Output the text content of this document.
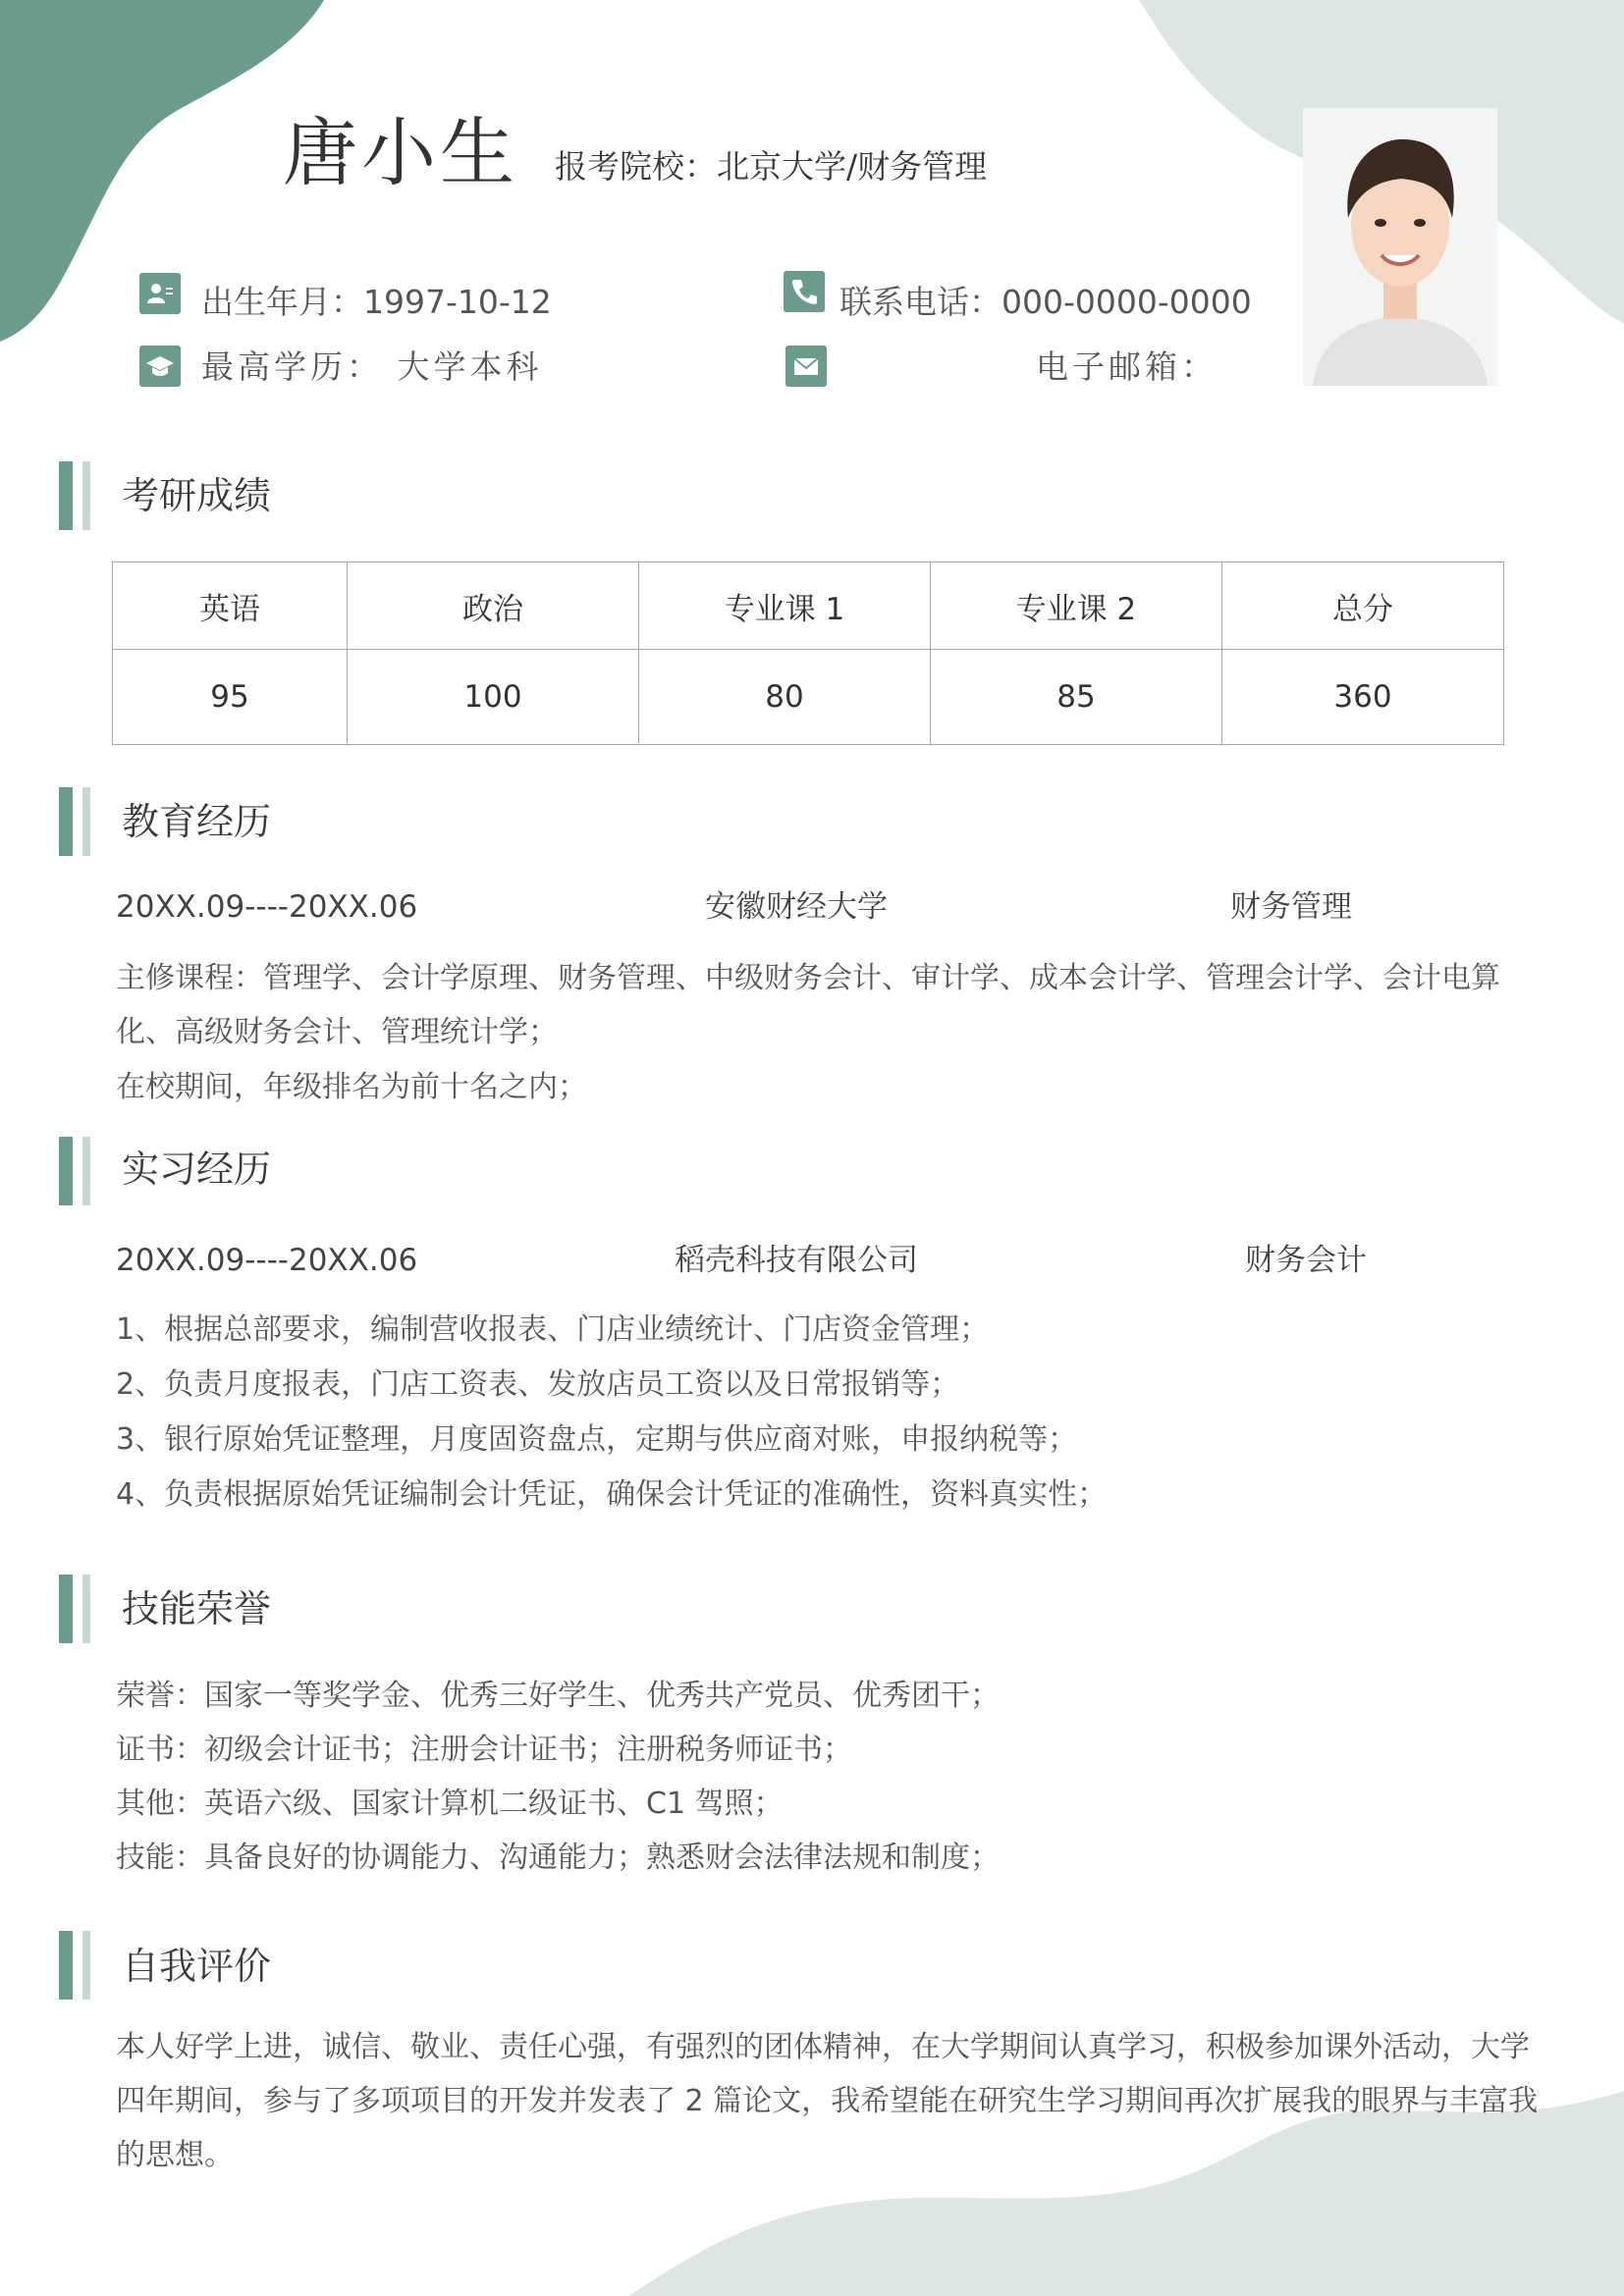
唐小生 报考院校：北京大学/财务管理
出生年月：1997-10-12	联系电话：000-0000-0000
最高学历： 大学本科	电子邮箱：
考研成绩
英语	政治	专业课 1	专业课 2	总分
95	100	80	85	360
教育经历
20XX.09----20XX.06	安徽财经大学	财务管理
主修课程：管理学、会计学原理、财务管理、中级财务会计、审计学、成本会计学、管理会计学、会计电算化、高级财务会计、管理统计学；
在校期间，年级排名为前十名之内；
实习经历
20XX.09----20XX.06	稻壳科技有限公司	财务会计
1、根据总部要求，编制营收报表、门店业绩统计、门店资金管理；
2、负责月度报表，门店工资表、发放店员工资以及日常报销等；
3、银行原始凭证整理，月度固资盘点，定期与供应商对账，申报纳税等；
4、负责根据原始凭证编制会计凭证，确保会计凭证的准确性，资料真实性；
技能荣誉
荣誉：国家一等奖学金、优秀三好学生、优秀共产党员、优秀团干；
证书：初级会计证书；注册会计证书；注册税务师证书；
其他：英语六级、国家计算机二级证书、C1 驾照；
技能：具备良好的协调能力、沟通能力；熟悉财会法律法规和制度；
自我评价
本人好学上进，诚信、敬业、责任心强，有强烈的团体精神，在大学期间认真学习，积极参加课外活动，大学四年期间，参与了多项项目的开发并发表了 2 篇论文，我希望能在研究生学习期间再次扩展我的眼界与丰富我的思想。
